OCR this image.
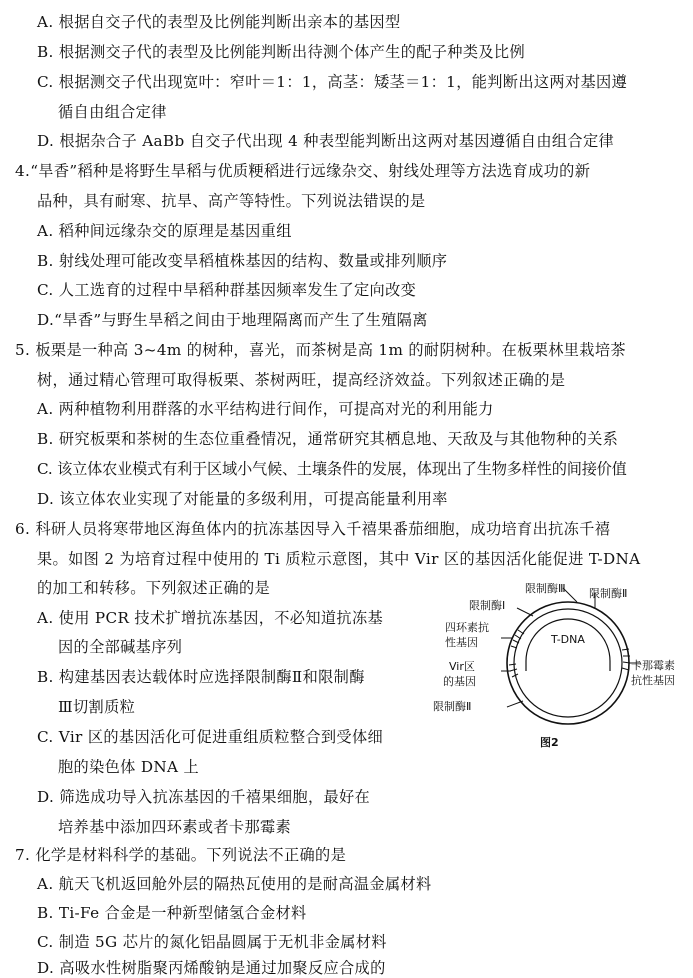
A. 根据自交子代的表型及比例能判断出亲本的基因型
B. 根据测交子代的表型及比例能判断出待测个体产生的配子种类及比例
C. 根据测交子代出现宽叶：窄叶＝1：1，高茎：矮茎＝1：1，能判断出这两对基因遵
循自由组合定律
D. 根据杂合子 AaBb 自交子代出现 4 种表型能判断出这两对基因遵循自由组合定律
4.“旱香”稻种是将野生旱稻与优质粳稻进行远缘杂交、射线处理等方法选育成功的新
品种，具有耐寒、抗旱、高产等特性。下列说法错误的是
A. 稻种间远缘杂交的原理是基因重组
B. 射线处理可能改变旱稻植株基因的结构、数量或排列顺序
C. 人工选育的过程中旱稻种群基因频率发生了定向改变
D.“旱香”与野生旱稻之间由于地理隔离而产生了生殖隔离
5. 板栗是一种高 3~4m 的树种，喜光，而茶树是高 1m 的耐阴树种。在板栗林里栽培茶
树，通过精心管理可取得板栗、茶树两旺，提高经济效益。下列叙述正确的是
A. 两种植物利用群落的水平结构进行间作，可提高对光的利用能力
B. 研究板栗和茶树的生态位重叠情况，通常研究其栖息地、天敌及与其他物种的关系
C. 该立体农业模式有利于区域小气候、土壤条件的发展，体现出了生物多样性的间接价值
D. 该立体农业实现了对能量的多级利用，可提高能量利用率
6. 科研人员将寒带地区海鱼体内的抗冻基因导入千禧果番茄细胞，成功培育出抗冻千禧
果。如图 2 为培育过程中使用的 Ti 质粒示意图，其中 Vir 区的基因活化能促进 T-DNA
的加工和转移。下列叙述正确的是
A. 使用 PCR 技术扩增抗冻基因，不必知道抗冻基
因的全部碱基序列
B. 构建基因表达载体时应选择限制酶Ⅱ和限制酶
Ⅲ切割质粒
C. Vir 区的基因活化可促进重组质粒整合到受体细
胞的染色体 DNA 上
D. 筛选成功导入抗冻基因的千禧果细胞，最好在
培养基中添加四环素或者卡那霉素
7. 化学是材料科学的基础。下列说法不正确的是
A. 航天飞机返回舱外层的隔热瓦使用的是耐高温金属材料
B. Ti-Fe 合金是一种新型储氢合金材料
C. 制造 5G 芯片的氮化铝晶圆属于无机非金属材料
D. 高吸水性树脂聚丙烯酸钠是通过加聚反应合成的
限制酶Ⅲ 限制酶Ⅱ
限制酶Ⅰ
四环素抗
性基因	T-DNA
Vir区
的基因
卡那霉素
抗性基因
限制酶Ⅱ
图2
